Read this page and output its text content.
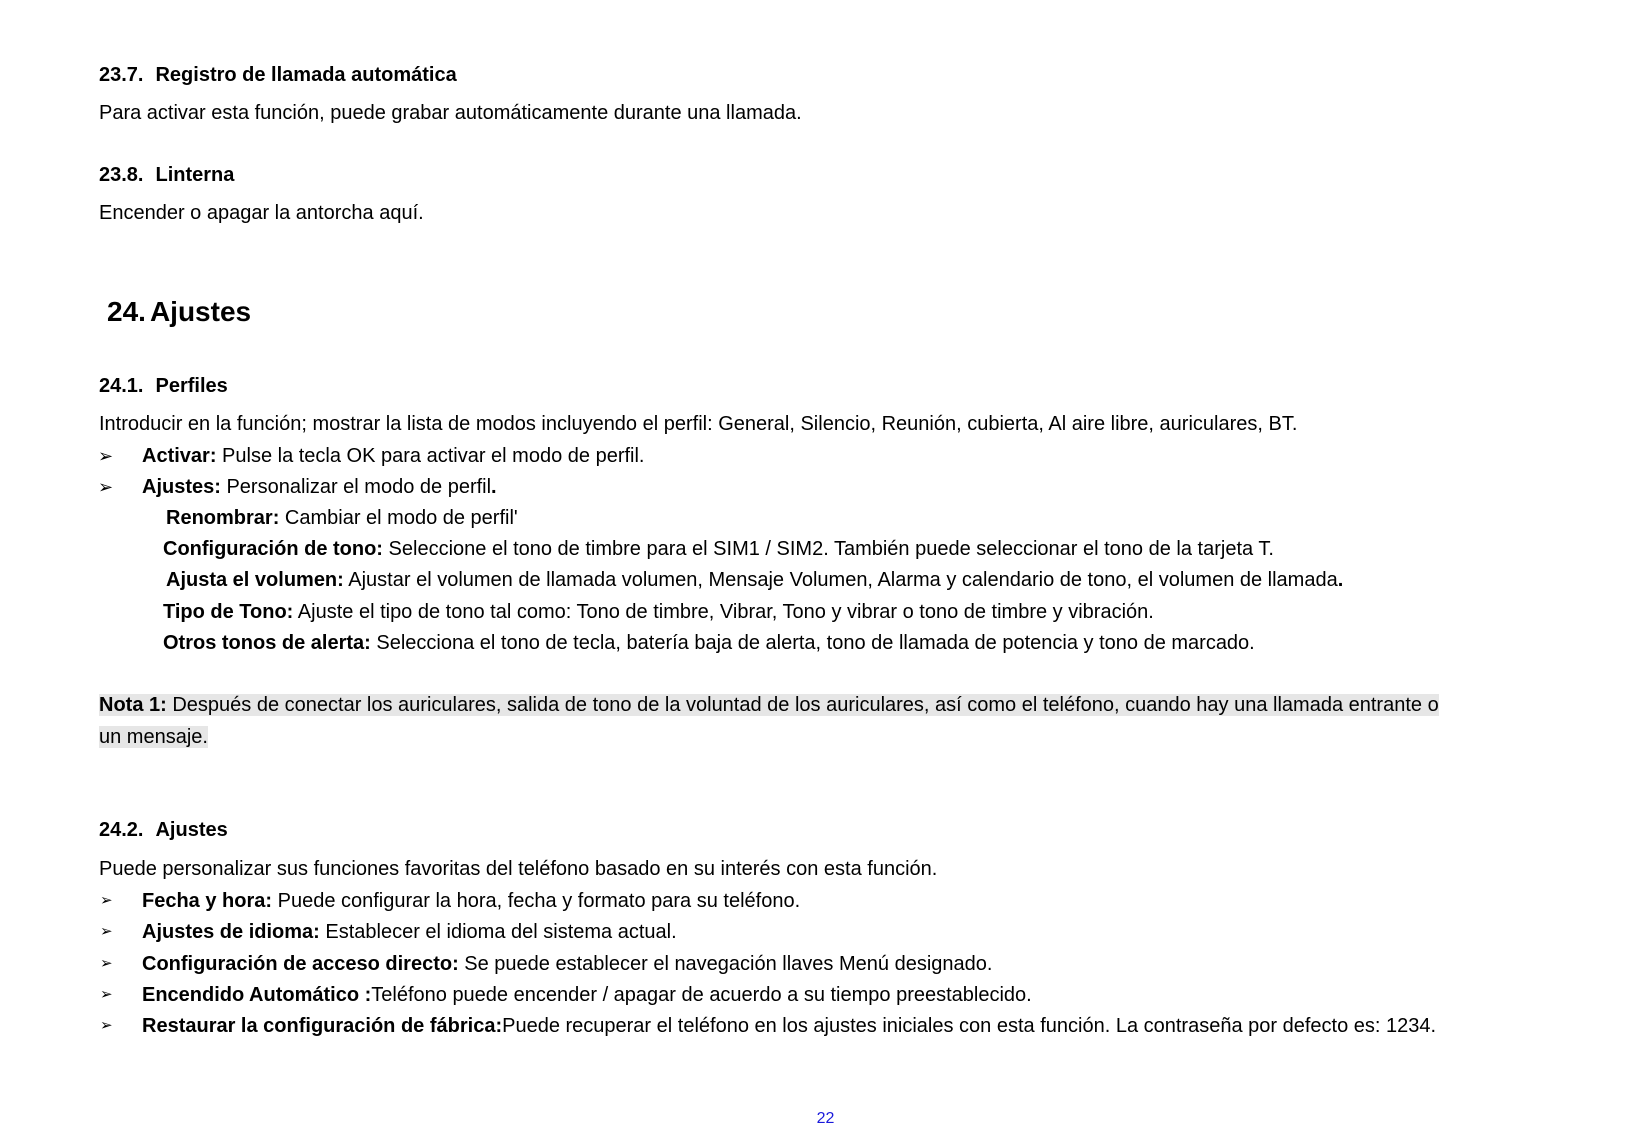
23.7. Registro de llamada automática
Para activar esta función, puede grabar automáticamente durante una llamada.
23.8. Linterna
Encender o apagar la antorcha aquí.
24. Ajustes
24.1. Perfiles
Introducir en la función; mostrar la lista de modos incluyendo el perfil: General, Silencio, Reunión, cubierta, Al aire libre, auriculares, BT.
➢ Activar: Pulse la tecla OK para activar el modo de perfil.
➢ Ajustes: Personalizar el modo de perfil.
Renombrar: Cambiar el modo de perfil'
Configuración de tono: Seleccione el tono de timbre para el SIM1 / SIM2. También puede seleccionar el tono de la tarjeta T.
Ajusta el volumen: Ajustar el volumen de llamada volumen, Mensaje Volumen, Alarma y calendario de tono, el volumen de llamada.
Tipo de Tono: Ajuste el tipo de tono tal como: Tono de timbre, Vibrar, Tono y vibrar o tono de timbre y vibración.
Otros tonos de alerta: Selecciona el tono de tecla, batería baja de alerta, tono de llamada de potencia y tono de marcado.
Nota 1: Después de conectar los auriculares, salida de tono de la voluntad de los auriculares, así como el teléfono, cuando hay una llamada entrante o
un mensaje.
24.2. Ajustes
Puede personalizar sus funciones favoritas del teléfono basado en su interés con esta función.
➢ Fecha y hora: Puede configurar la hora, fecha y formato para su teléfono.
➢ Ajustes de idioma: Establecer el idioma del sistema actual.
➢ Configuración de acceso directo: Se puede establecer el navegación llaves Menú designado.
➢ Encendido Automático :Teléfono puede encender / apagar de acuerdo a su tiempo preestablecido.
➢ Restaurar la configuración de fábrica:Puede recuperar el teléfono en los ajustes iniciales con esta función. La contraseña por defecto es: 1234.
22
